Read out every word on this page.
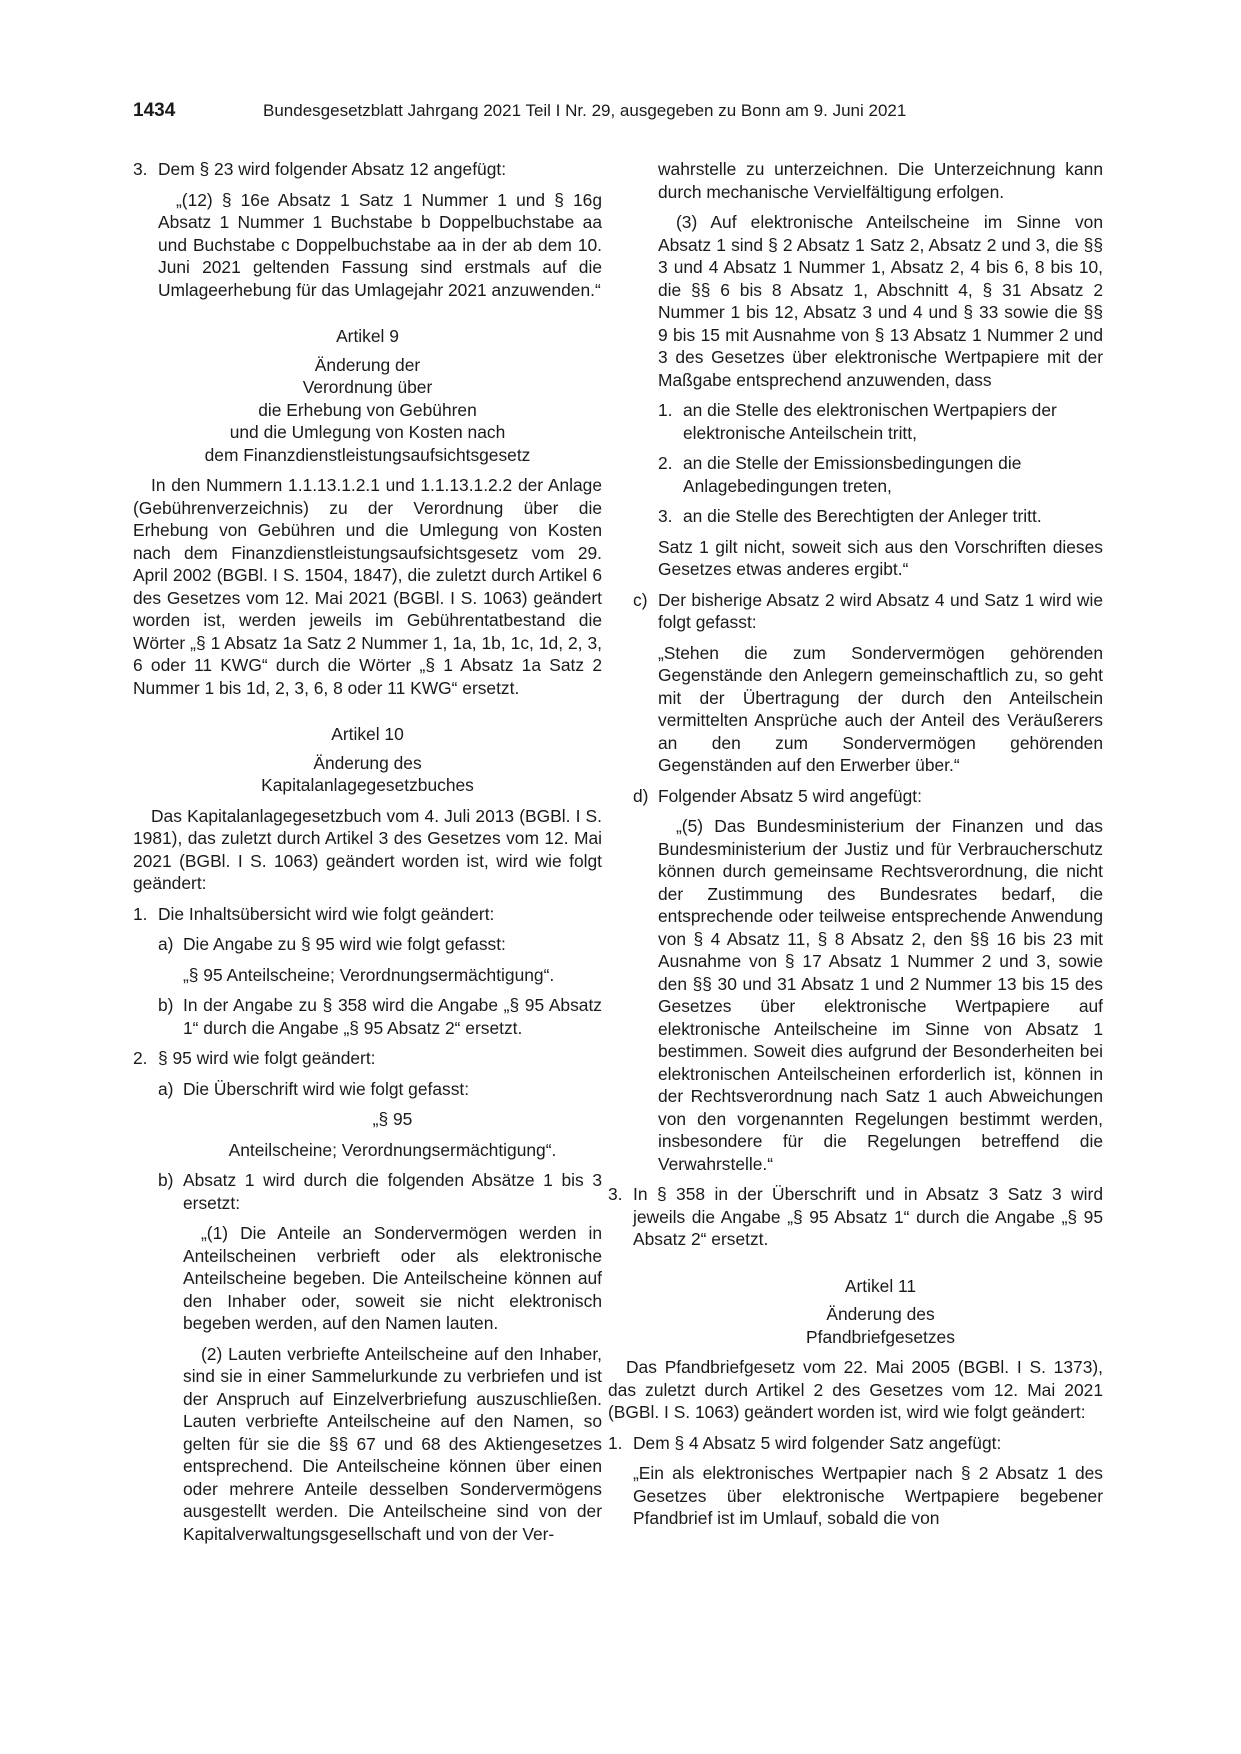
1434	Bundesgesetzblatt Jahrgang 2021 Teil I Nr. 29, ausgegeben zu Bonn am 9. Juni 2021
3. Dem § 23 wird folgender Absatz 12 angefügt:

„(12) § 16e Absatz 1 Satz 1 Nummer 1 und § 16g Absatz 1 Nummer 1 Buchstabe b Doppelbuchstabe aa und Buchstabe c Doppelbuchstabe aa in der ab dem 10. Juni 2021 geltenden Fassung sind erstmals auf die Umlageerhebung für das Umlagejahr 2021 anzuwenden.“

Artikel 9
Änderung der
Verordnung über
die Erhebung von Gebühren
und die Umlegung von Kosten nach
dem Finanzdienstleistungsaufsichtsgesetz

In den Nummern 1.1.13.1.2.1 und 1.1.13.1.2.2 der Anlage (Gebührenverzeichnis) zu der Verordnung über die Erhebung von Gebühren und die Umlegung von Kosten nach dem Finanzdienstleistungsaufsichtsgesetz vom 29. April 2002 (BGBl. I S. 1504, 1847), die zuletzt durch Artikel 6 des Gesetzes vom 12. Mai 2021 (BGBl. I S. 1063) geändert worden ist, werden jeweils im Gebührentatbestand die Wörter „§ 1 Absatz 1a Satz 2 Nummer 1, 1a, 1b, 1c, 1d, 2, 3, 6 oder 11 KWG“ durch die Wörter „§ 1 Absatz 1a Satz 2 Nummer 1 bis 1d, 2, 3, 6, 8 oder 11 KWG“ ersetzt.

Artikel 10
Änderung des
Kapitalanlagegesetzbuches

Das Kapitalanlagegesetzbuch vom 4. Juli 2013 (BGBl. I S. 1981), das zuletzt durch Artikel 3 des Gesetzes vom 12. Mai 2021 (BGBl. I S. 1063) geändert worden ist, wird wie folgt geändert:

1. Die Inhaltsübersicht wird wie folgt geändert:

a) Die Angabe zu § 95 wird wie folgt gefasst:

„§ 95 Anteilscheine; Verordnungsermächtigung“.

b) In der Angabe zu § 358 wird die Angabe „§ 95 Absatz 1“ durch die Angabe „§ 95 Absatz 2“ ersetzt.

2. § 95 wird wie folgt geändert:

a) Die Überschrift wird wie folgt gefasst:

„§ 95

Anteilscheine; Verordnungsermächtigung“.

b) Absatz 1 wird durch die folgenden Absätze 1 bis 3 ersetzt:

„(1) Die Anteile an Sondervermögen werden in Anteilscheinen verbrieft oder als elektronische Anteilscheine begeben. Die Anteilscheine können auf den Inhaber oder, soweit sie nicht elektronisch begeben werden, auf den Namen lauten.

(2) Lauten verbriefte Anteilscheine auf den Inhaber, sind sie in einer Sammelurkunde zu verbriefen und ist der Anspruch auf Einzelverbriefung auszuschließen. Lauten verbriefte Anteilscheine auf den Namen, so gelten für sie die §§ 67 und 68 des Aktiengesetzes entsprechend. Die Anteilscheine können über einen oder mehrere Anteile desselben Sondervermögens ausgestellt werden. Die Anteilscheine sind von der Kapitalverwaltungsgesellschaft und von der Ver-

wahrstelle zu unterzeichnen. Die Unterzeichnung kann durch mechanische Vervielfältigung erfolgen.

(3) Auf elektronische Anteilscheine im Sinne von Absatz 1 sind § 2 Absatz 1 Satz 2, Absatz 2 und 3, die §§ 3 und 4 Absatz 1 Nummer 1, Absatz 2, 4 bis 6, 8 bis 10, die §§ 6 bis 8 Absatz 1, Abschnitt 4, § 31 Absatz 2 Nummer 1 bis 12, Absatz 3 und 4 und § 33 sowie die §§ 9 bis 15 mit Ausnahme von § 13 Absatz 1 Nummer 2 und 3 des Gesetzes über elektronische Wertpapiere mit der Maßgabe entsprechend anzuwenden, dass

1. an die Stelle des elektronischen Wertpapiers der elektronische Anteilschein tritt,

2. an die Stelle der Emissionsbedingungen die Anlagebedingungen treten,

3. an die Stelle des Berechtigten der Anleger tritt.

Satz 1 gilt nicht, soweit sich aus den Vorschriften dieses Gesetzes etwas anderes ergibt.“

c) Der bisherige Absatz 2 wird Absatz 4 und Satz 1 wird wie folgt gefasst:

„Stehen die zum Sondervermögen gehörenden Gegenstände den Anlegern gemeinschaftlich zu, so geht mit der Übertragung der durch den Anteilschein vermittelten Ansprüche auch der Anteil des Veräußerers an den zum Sondervermögen gehörenden Gegenständen auf den Erwerber über.“

d) Folgender Absatz 5 wird angefügt:

„(5) Das Bundesministerium der Finanzen und das Bundesministerium der Justiz und für Verbraucherschutz können durch gemeinsame Rechtsverordnung, die nicht der Zustimmung des Bundesrates bedarf, die entsprechende oder teilweise entsprechende Anwendung von § 4 Absatz 11, § 8 Absatz 2, den §§ 16 bis 23 mit Ausnahme von § 17 Absatz 1 Nummer 2 und 3, sowie den §§ 30 und 31 Absatz 1 und 2 Nummer 13 bis 15 des Gesetzes über elektronische Wertpapiere auf elektronische Anteilscheine im Sinne von Absatz 1 bestimmen. Soweit dies aufgrund der Besonderheiten bei elektronischen Anteilscheinen erforderlich ist, können in der Rechtsverordnung nach Satz 1 auch Abweichungen von den vorgenannten Regelungen bestimmt werden, insbesondere für die Regelungen betreffend die Verwahrstelle.“

3. In § 358 in der Überschrift und in Absatz 3 Satz 3 wird jeweils die Angabe „§ 95 Absatz 1“ durch die Angabe „§ 95 Absatz 2“ ersetzt.

Artikel 11
Änderung des
Pfandbriefgesetzes

Das Pfandbriefgesetz vom 22. Mai 2005 (BGBl. I S. 1373), das zuletzt durch Artikel 2 des Gesetzes vom 12. Mai 2021 (BGBl. I S. 1063) geändert worden ist, wird wie folgt geändert:

1. Dem § 4 Absatz 5 wird folgender Satz angefügt:

„Ein als elektronisches Wertpapier nach § 2 Absatz 1 des Gesetzes über elektronische Wertpapiere begebener Pfandbrief ist im Umlauf, sobald die von
